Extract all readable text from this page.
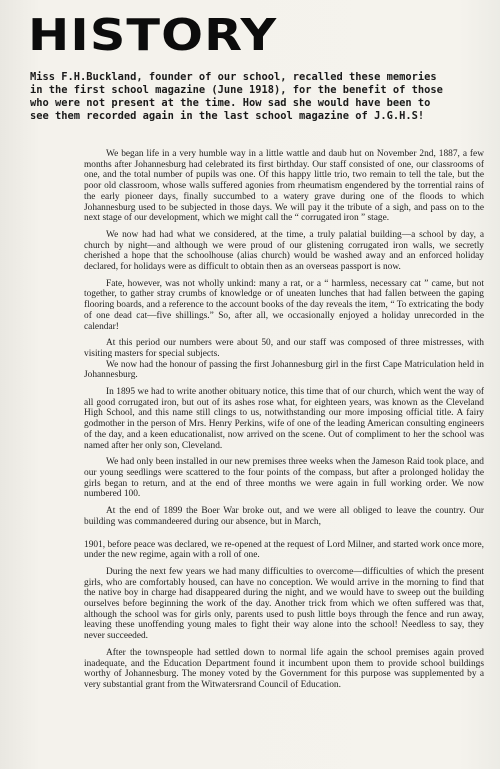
HISTORY

Miss F.H.Buckland, founder of our school, recalled these memories
in the first school magazine (June 1918), for the benefit of those
who were not present at the time. How sad she would have been to
see them recorded again in the last school magazine of J.G.H.S!

We began life in a very humble way in a little wattle and daub hut on November 2nd, 1887, a few months after Johannesburg had celebrated its first birthday. Our staff consisted of one, our classrooms of one, and the total number of pupils was one. Of this happy little trio, two remain to tell the tale, but the poor old classroom, whose walls suffered agonies from rheumatism engendered by the torrential rains of the early pioneer days, finally succumbed to a watery grave during one of the floods to which Johannesburg used to be subjected in those days. We will pay it the tribute of a sigh, and pass on to the next stage of our development, which we might call the “ corrugated iron ” stage.

We now had had what we considered, at the time, a truly palatial building—a school by day, a church by night—and although we were proud of our glistening corrugated iron walls, we secretly cherished a hope that the schoolhouse (alias church) would be washed away and an enforced holiday declared, for holidays were as difficult to obtain then as an overseas passport is now.

Fate, however, was not wholly unkind: many a rat, or a “ harmless, necessary cat ” came, but not together, to gather stray crumbs of knowledge or of uneaten lunches that had fallen between the gaping flooring boards, and a reference to the account books of the day reveals the item, “ To extricating the body of one dead cat—five shillings.” So, after all, we occasionally enjoyed a holiday unrecorded in the calendar!

At this period our numbers were about 50, and our staff was composed of three mistresses, with visiting masters for special subjects.

We now had the honour of passing the first Johannesburg girl in the first Cape Matriculation held in Johannesburg.

In 1895 we had to write another obituary notice, this time that of our church, which went the way of all good corrugated iron, but out of its ashes rose what, for eighteen years, was known as the Cleveland High School, and this name still clings to us, notwithstanding our more imposing official title. A fairy godmother in the person of Mrs. Henry Perkins, wife of one of the leading American consulting engineers of the day, and a keen educationalist, now arrived on the scene. Out of compliment to her the school was named after her only son, Cleveland.

We had only been installed in our new premises three weeks when the Jameson Raid took place, and our young seedlings were scattered to the four points of the compass, but after a prolonged holiday the girls began to return, and at the end of three months we were again in full working order. We now numbered 100.

At the end of 1899 the Boer War broke out, and we were all obliged to leave the country. Our building was commandeered during our absence, but in March,

1901, before peace was declared, we re-opened at the request of Lord Milner, and started work once more, under the new regime, again with a roll of one.

During the next few years we had many difficulties to overcome—difficulties of which the present girls, who are comfortably housed, can have no conception. We would arrive in the morning to find that the native boy in charge had disappeared during the night, and we would have to sweep out the building ourselves before beginning the work of the day. Another trick from which we often suffered was that, although the school was for girls only, parents used to push little boys through the fence and run away, leaving these unoffending young males to fight their way alone into the school! Needless to say, they never succeeded.

After the townspeople had settled down to normal life again the school premises again proved inadequate, and the Education Department found it incumbent upon them to provide school buildings worthy of Johannesburg. The money voted by the Government for this purpose was supplemented by a very substantial grant from the Witwatersrand Council of Education.
